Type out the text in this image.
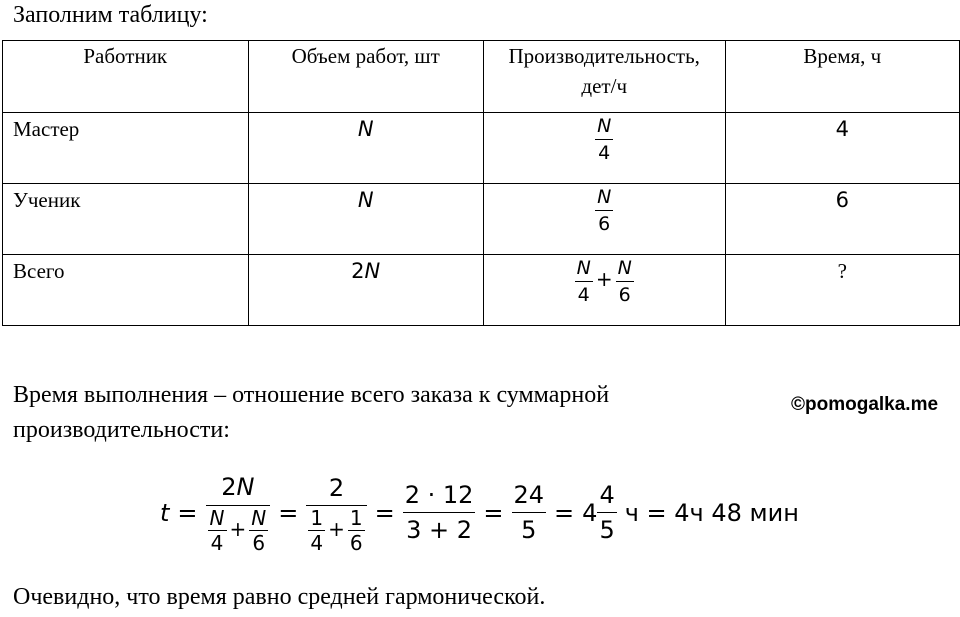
Заполним таблицу:
Работник	Объем работ, шт	Производительность, дет/ч	Время, ч
Мастер	N	$\frac{N}{4}$	4
Ученик	N	$\frac{N}{6}$	6
Всего	2N	$\frac{N}{4} + \frac{N}{6}$	?
Время выполнения – отношение всего заказа к суммарной производительности:
©pomogalka.me
$t = \frac{2N}{\frac{N}{4} + \frac{N}{6}} = \frac{2}{\frac{1}{4} + \frac{1}{6}} = \frac{2 \cdot 12}{3 + 2} = \frac{24}{5} = 4 \frac{4}{5}$ ч = 4ч 48 мин
Очевидно, что время равно средней гармонической.
